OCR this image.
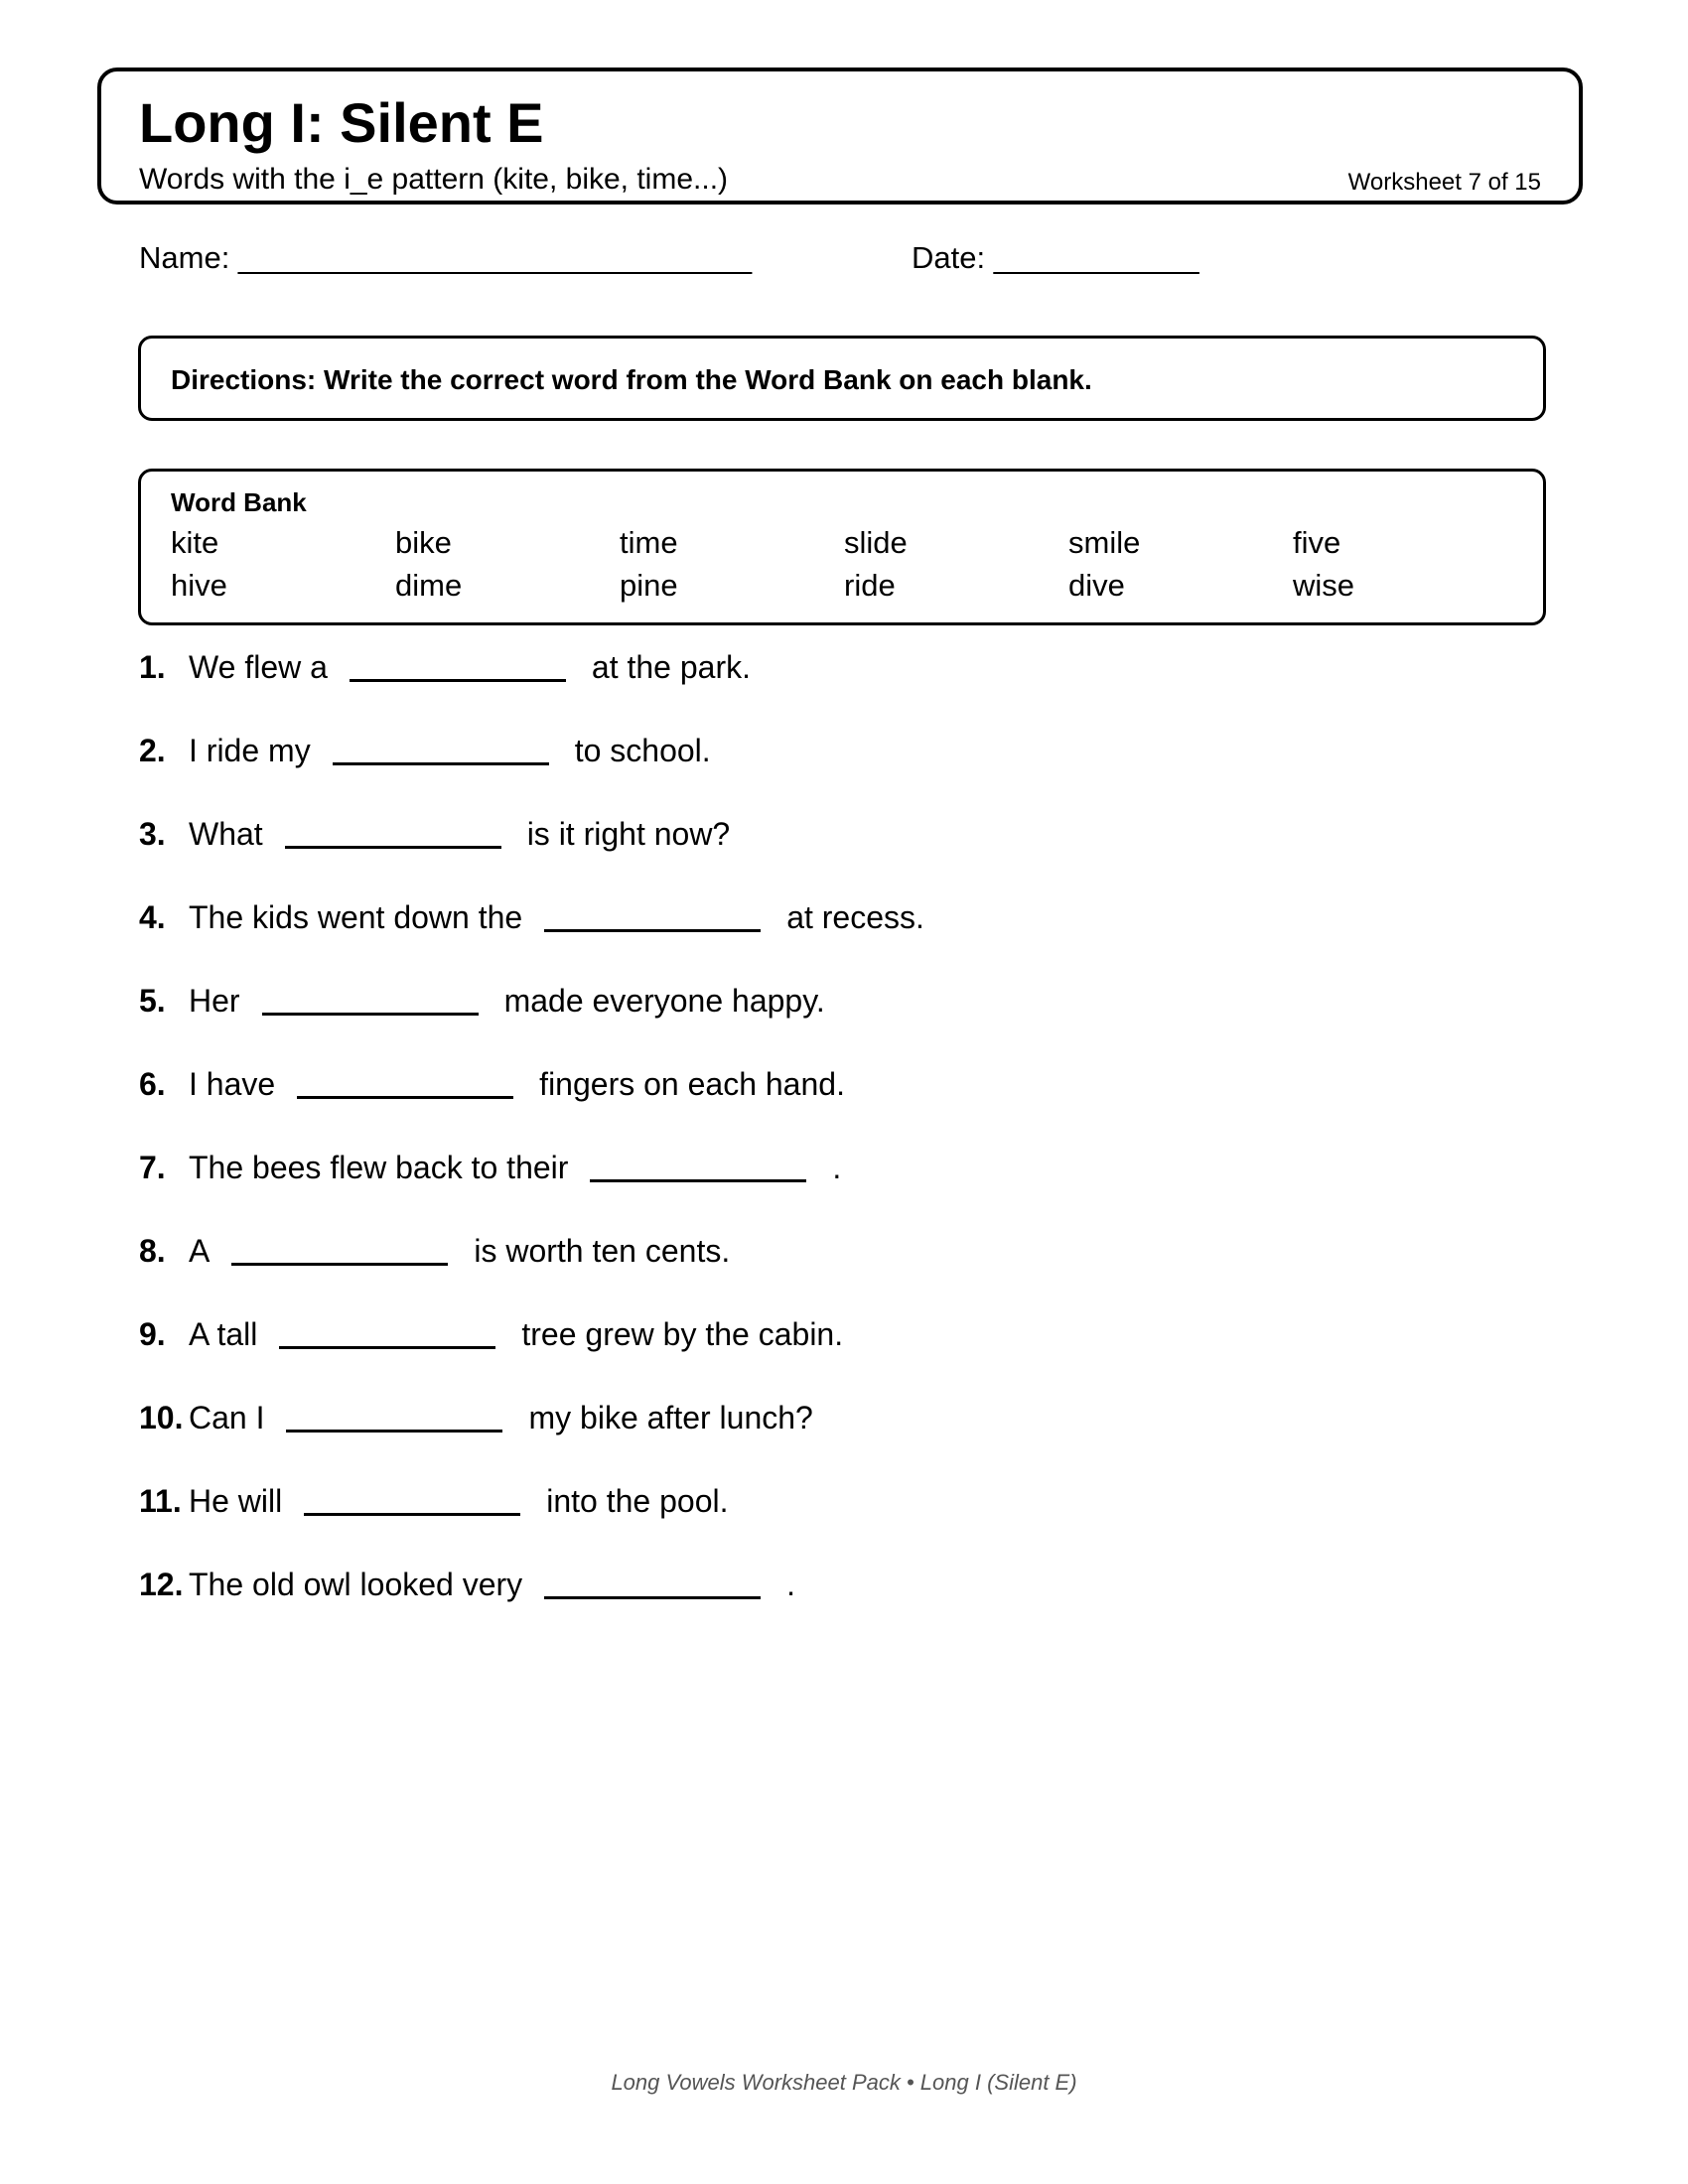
Long I: Silent E
Words with the i_e pattern (kite, bike, time...)	Worksheet 7 of 15
Name: ______________________________	Date: ____________
Directions: Write the correct word from the Word Bank on each blank.
Word Bank
kite	bike	time	slide	smile	five
hive	dime	pine	ride	dive	wise
1. We flew a	at the park.
2. I ride my	to school.
3. What	is it right now?
4. The kids went down the	at recess.
5. Her	made everyone happy.
6. I have	fingers on each hand.
7. The bees flew back to their	.
8. A	is worth ten cents.
9. A tall	tree grew by the cabin.
10. Can I	my bike after lunch?
11. He will	into the pool.
12. The old owl looked very	.
Long Vowels Worksheet Pack • Long I (Silent E)
